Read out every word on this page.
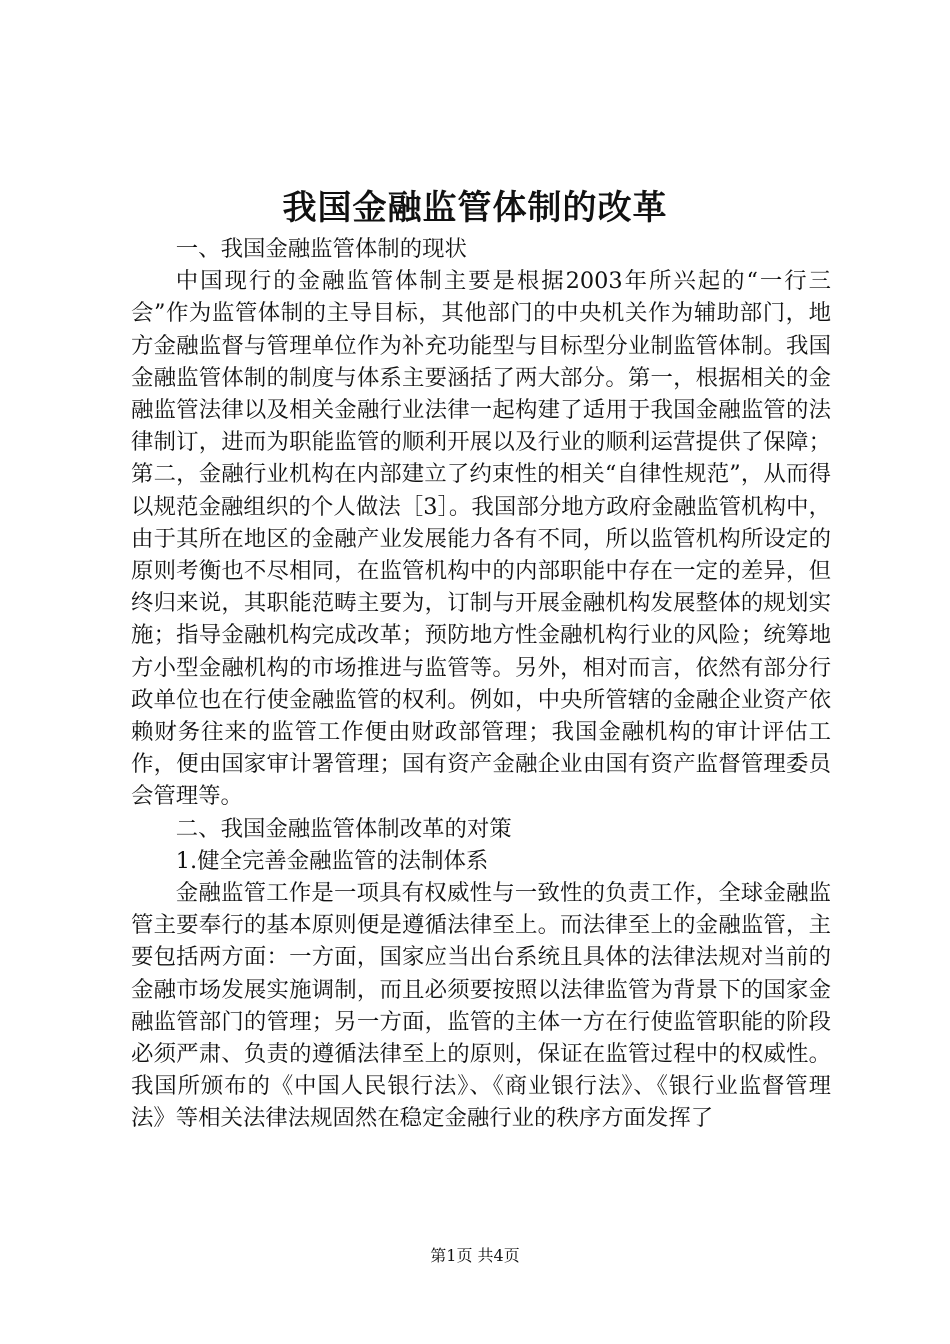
我国金融监管体制的改革

一、我国金融监管体制的现状

中国现行的金融监管体制主要是根据2003年所兴起的“一行三会”作为监管体制的主导目标，其他部门的中央机关作为辅助部门，地方金融监督与管理单位作为补充功能型与目标型分业制监管体制。我国金融监管体制的制度与体系主要涵括了两大部分。第一，根据相关的金融监管法律以及相关金融行业法律一起构建了适用于我国金融监管的法律制订，进而为职能监管的顺利开展以及行业的顺利运营提供了保障；第二，金融行业机构在内部建立了约束性的相关“自律性规范”，从而得以规范金融组织的个人做法［3］。我国部分地方政府金融监管机构中，由于其所在地区的金融产业发展能力各有不同，所以监管机构所设定的原则考衡也不尽相同，在监管机构中的内部职能中存在一定的差异，但终归来说，其职能范畴主要为，订制与开展金融机构发展整体的规划实施；指导金融机构完成改革；预防地方性金融机构行业的风险；统筹地方小型金融机构的市场推进与监管等。另外，相对而言，依然有部分行政单位也在行使金融监管的权利。例如，中央所管辖的金融企业资产依赖财务往来的监管工作便由财政部管理；我国金融机构的审计评估工作，便由国家审计署管理；国有资产金融企业由国有资产监督管理委员会管理等。

二、我国金融监管体制改革的对策

1.健全完善金融监管的法制体系

金融监管工作是一项具有权威性与一致性的负责工作，全球金融监管主要奉行的基本原则便是遵循法律至上。而法律至上的金融监管，主要包括两方面：一方面，国家应当出台系统且具体的法律法规对当前的金融市场发展实施调制，而且必须要按照以法律监管为背景下的国家金融监管部门的管理；另一方面，监管的主体一方在行使监管职能的阶段必须严肃、负责的遵循法律至上的原则，保证在监管过程中的权威性。我国所颁布的《中国人民银行法》、《商业银行法》、《银行业监督管理法》等相关法律法规固然在稳定金融行业的秩序方面发挥了

第1页 共4页
